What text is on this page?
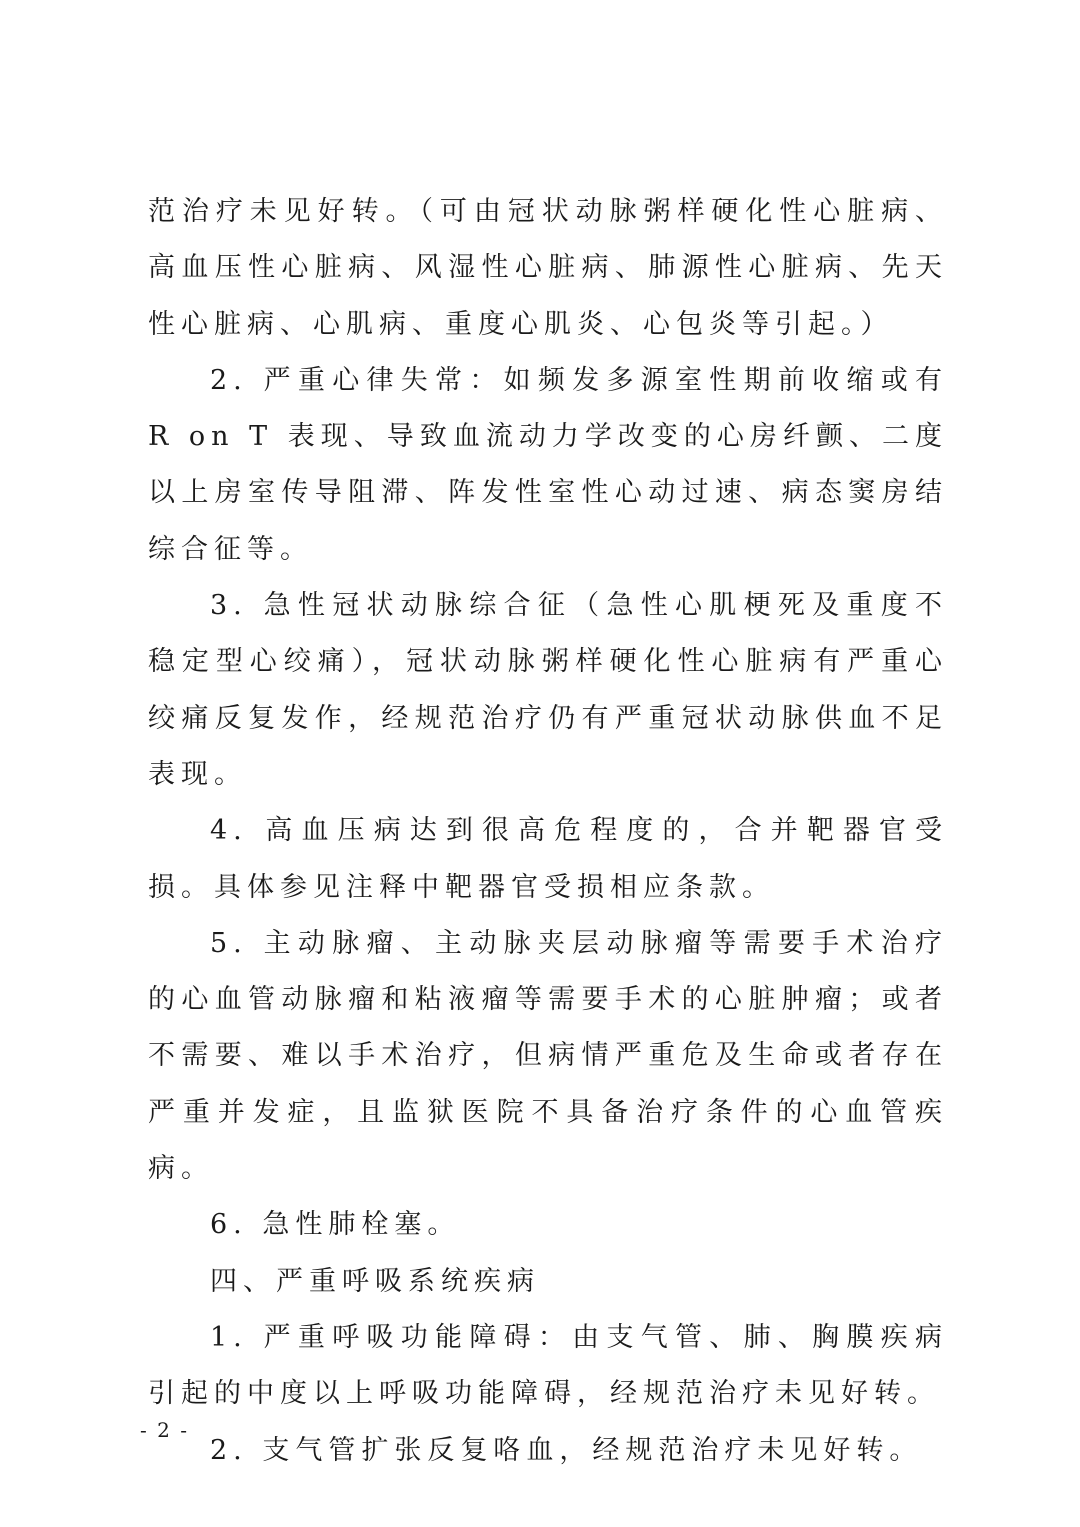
范治疗未见好转。（可由冠状动脉粥样硬化性心脏病、高血压性心脏病、风湿性心脏病、肺源性心脏病、先天性心脏病、心肌病、重度心肌炎、心包炎等引起。）

2. 严重心律失常：如频发多源室性期前收缩或有 R on T 表现、导致血流动力学改变的心房纤颤、二度以上房室传导阻滞、阵发性室性心动过速、病态窦房结综合征等。

3. 急性冠状动脉综合征（急性心肌梗死及重度不稳定型心绞痛），冠状动脉粥样硬化性心脏病有严重心绞痛反复发作，经规范治疗仍有严重冠状动脉供血不足表现。

4. 高血压病达到很高危程度的，合并靶器官受损。具体参见注释中靶器官受损相应条款。

5. 主动脉瘤、主动脉夹层动脉瘤等需要手术治疗的心血管动脉瘤和粘液瘤等需要手术的心脏肿瘤；或者不需要、难以手术治疗，但病情严重危及生命或者存在严重并发症，且监狱医院不具备治疗条件的心血管疾病。

6. 急性肺栓塞。

四、严重呼吸系统疾病

1. 严重呼吸功能障碍：由支气管、肺、胸膜疾病引起的中度以上呼吸功能障碍，经规范治疗未见好转。

2. 支气管扩张反复咯血，经规范治疗未见好转。

- 2 -
